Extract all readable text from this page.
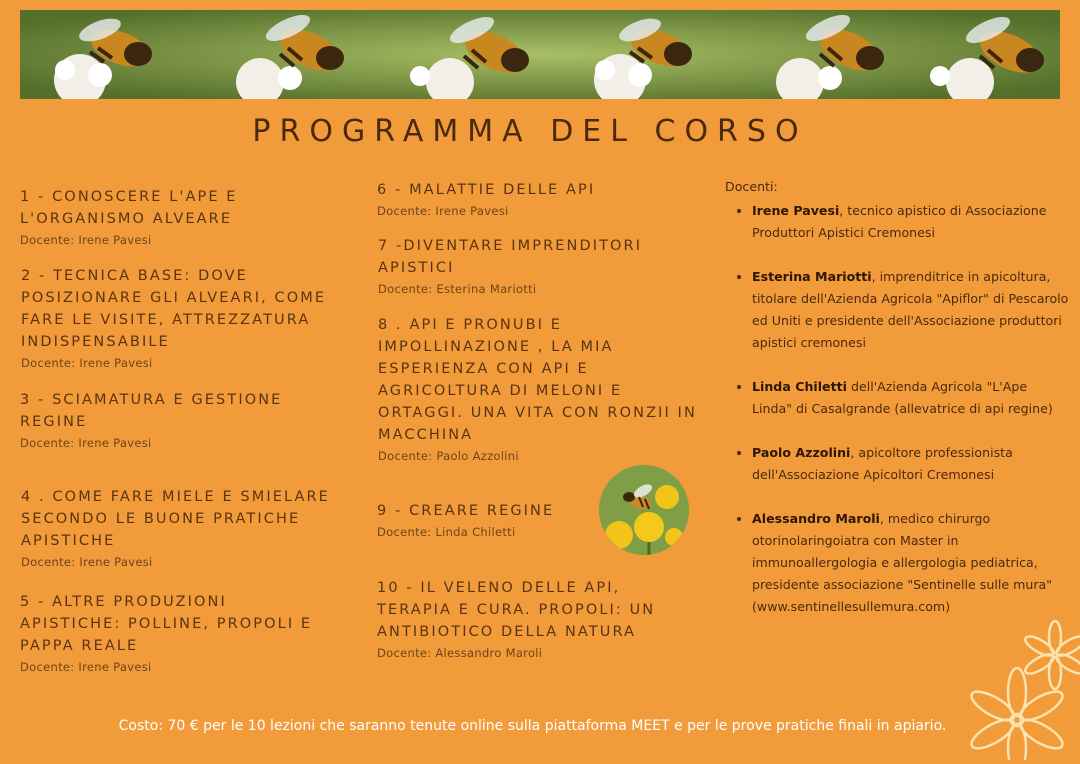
PROGRAMMA DEL CORSO
1 - CONOSCERE L'APE E L'ORGANISMO ALVEARE
Docente: Irene Pavesi
2 - TECNICA BASE: DOVE POSIZIONARE GLI ALVEARI, COME FARE LE VISITE, ATTREZZATURA INDISPENSABILE
Docente: Irene Pavesi
3 - SCIAMATURA E GESTIONE REGINE
Docente: Irene Pavesi
4 . COME FARE MIELE E SMIELARE SECONDO LE BUONE PRATICHE APISTICHE
Docente: Irene Pavesi
5 - ALTRE PRODUZIONI APISTICHE: POLLINE, PROPOLI E PAPPA REALE
Docente: Irene Pavesi
6 - MALATTIE DELLE API
Docente: Irene Pavesi
7 -DIVENTARE IMPRENDITORI APISTICI
Docente: Esterina Mariotti
8 . API E PRONUBI E IMPOLLINAZIONE , LA MIA ESPERIENZA CON API E AGRICOLTURA DI MELONI E ORTAGGI. UNA VITA CON RONZII IN MACCHINA
Docente: Paolo Azzolini
9 - CREARE REGINE
Docente: Linda Chiletti
10 - IL VELENO DELLE API, TERAPIA E CURA. PROPOLI: UN ANTIBIOTICO DELLA NATURA
Docente: Alessandro Maroli
Docenti:
• Irene Pavesi, tecnico apistico di Associazione Produttori Apistici Cremonesi
• Esterina Mariotti, imprenditrice in apicoltura, titolare dell'Azienda Agricola "Apiflor" di Pescarolo ed Uniti e presidente dell'Associazione produttori apistici cremonesi
• Linda Chiletti dell'Azienda Agricola "L'Ape Linda" di Casalgrande (allevatrice di api regine)
• Paolo Azzolini, apicoltore professionista dell'Associazione Apicoltori Cremonesi
• Alessandro Maroli, medico chirurgo otorinolaringoiatra con Master in immunoallergologia e allergologia pediatrica, presidente associazione "Sentinelle sulle mura" (www.sentinellesullemura.com)
Costo: 70 € per le 10 lezioni che saranno tenute online sulla piattaforma MEET e per le prove pratiche finali in apiario.
